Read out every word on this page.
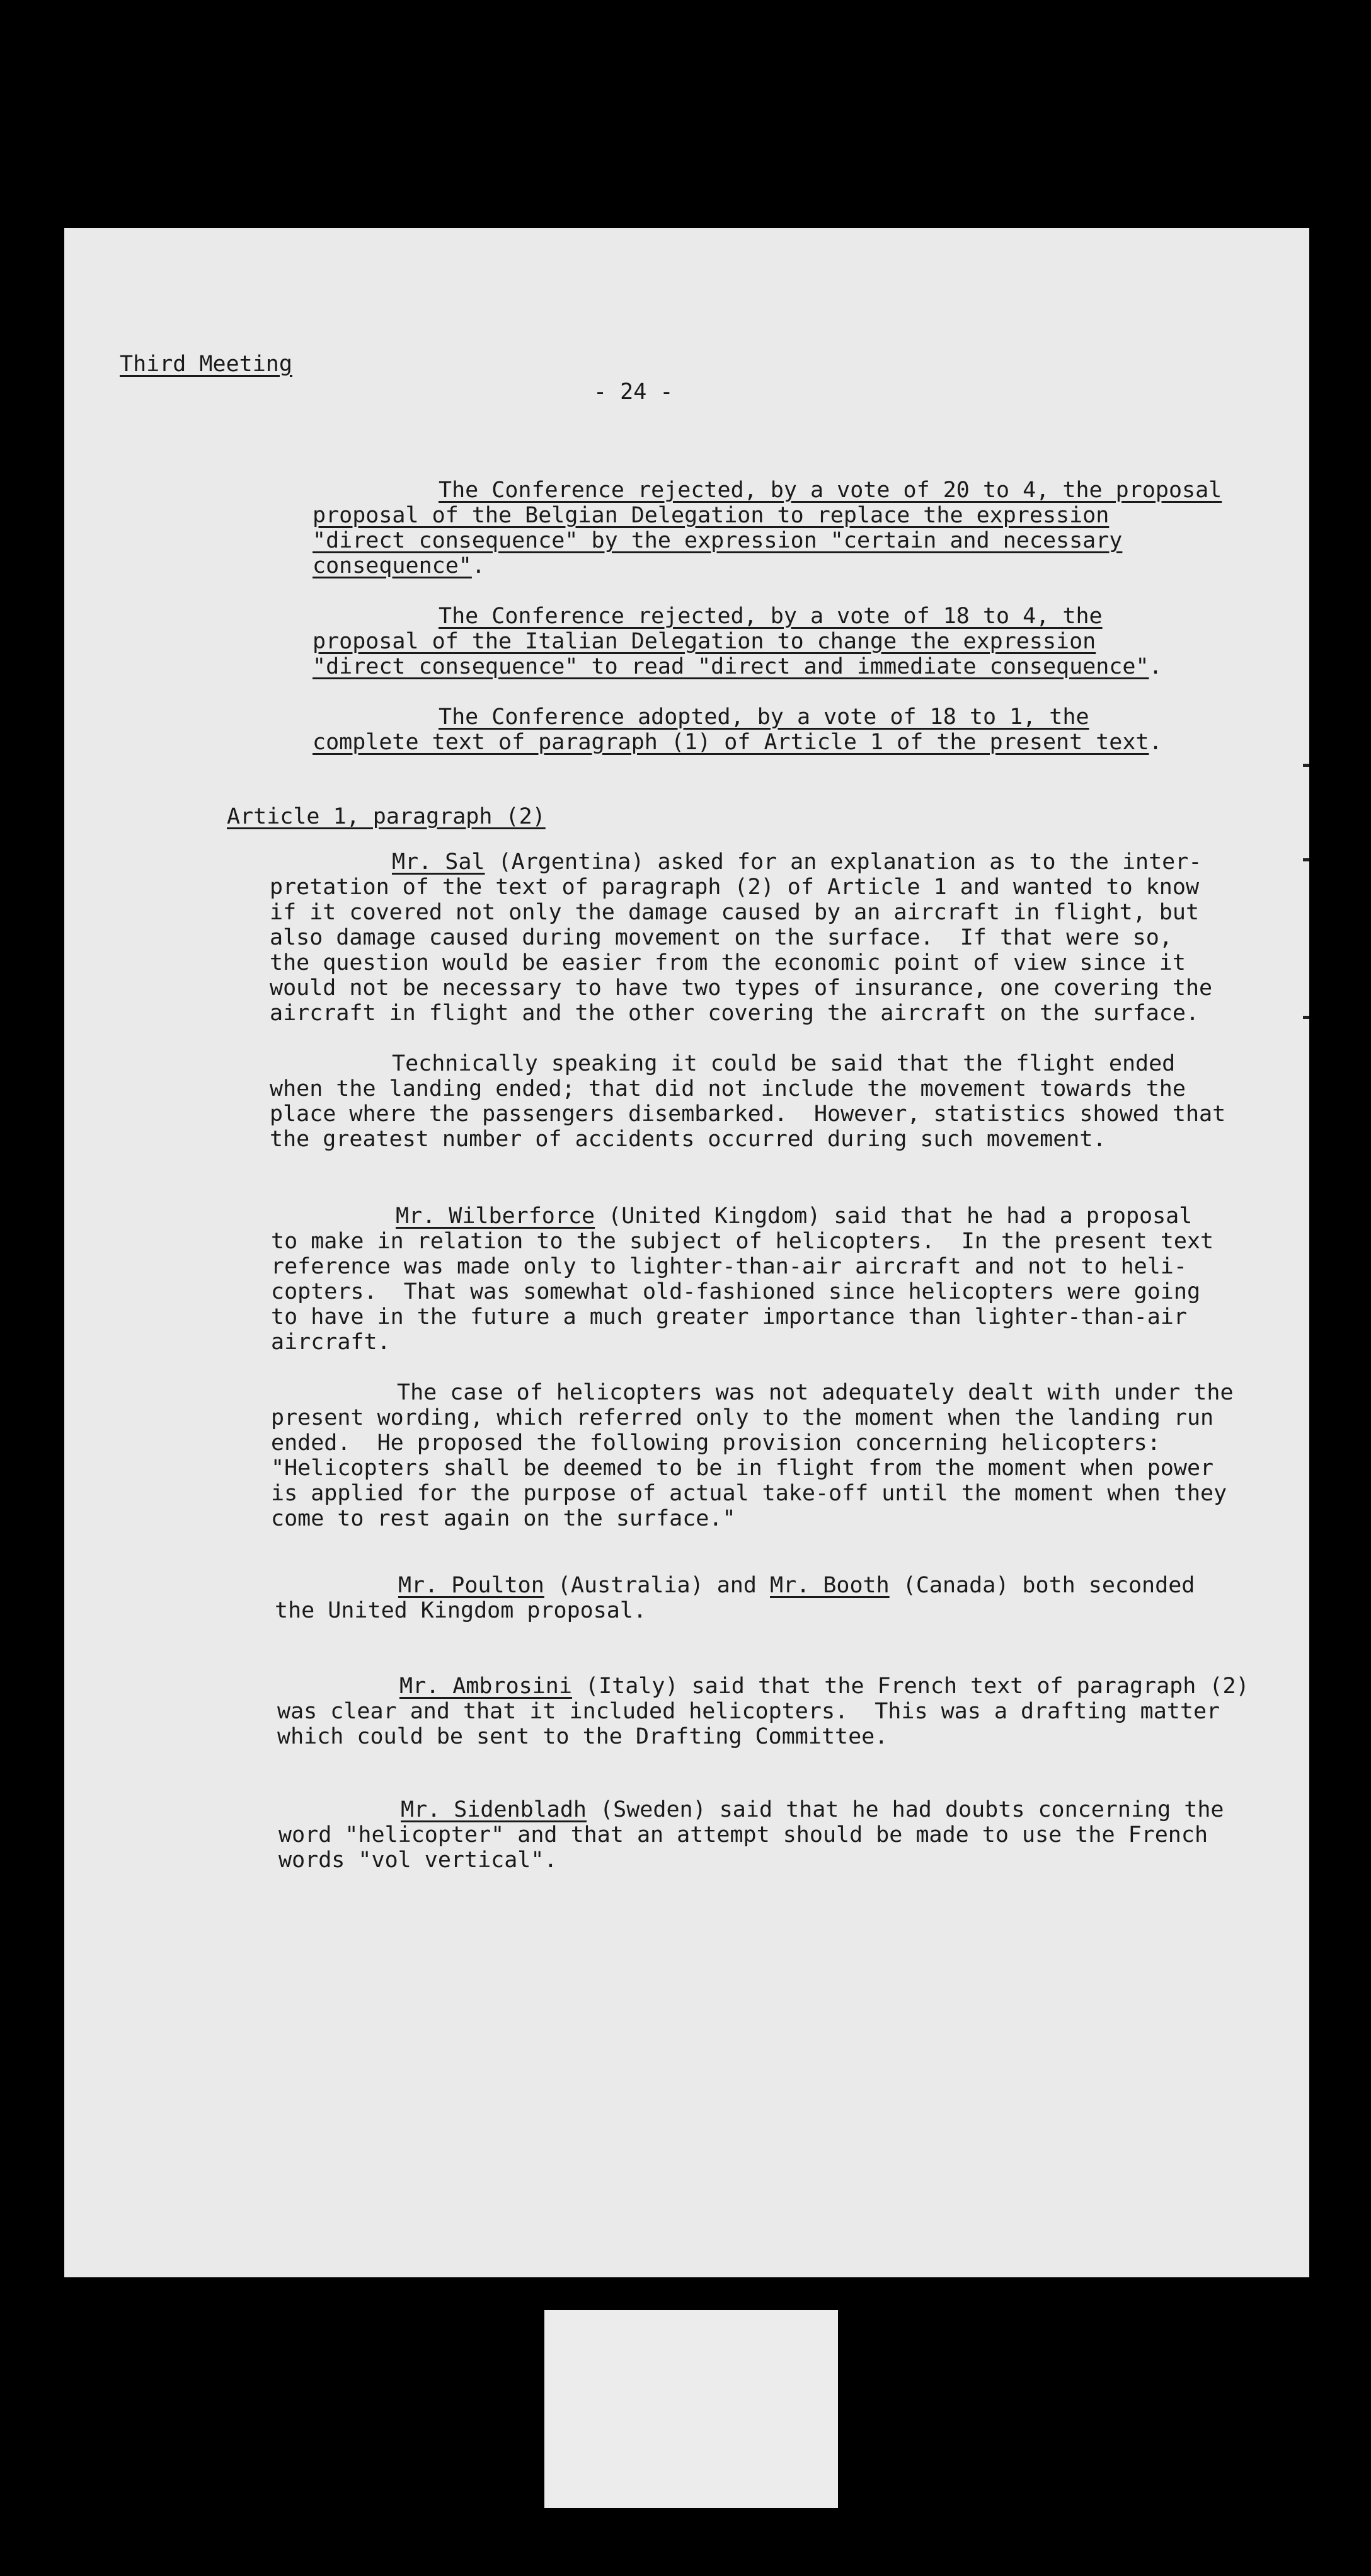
Third Meeting
- 24 -
The Conference rejected, by a vote of 20 to 4, the proposal
proposal of the Belgian Delegation to replace the expression
"direct consequence" by the expression "certain and necessary
consequence".
The Conference rejected, by a vote of 18 to 4, the
proposal of the Italian Delegation to change the expression
"direct consequence" to read "direct and immediate consequence".
The Conference adopted, by a vote of 18 to 1, the
complete text of paragraph (1) of Article 1 of the present text.
Article 1, paragraph (2)
Mr. Sal (Argentina) asked for an explanation as to the inter-
pretation of the text of paragraph (2) of Article 1 and wanted to know
if it covered not only the damage caused by an aircraft in flight, but
also damage caused during movement on the surface.  If that were so,
the question would be easier from the economic point of view since it
would not be necessary to have two types of insurance, one covering the
aircraft in flight and the other covering the aircraft on the surface.
Technically speaking it could be said that the flight ended
when the landing ended; that did not include the movement towards the
place where the passengers disembarked.  However, statistics showed that
the greatest number of accidents occurred during such movement.
Mr. Wilberforce (United Kingdom) said that he had a proposal
to make in relation to the subject of helicopters.  In the present text
reference was made only to lighter-than-air aircraft and not to heli-
copters.  That was somewhat old-fashioned since helicopters were going
to have in the future a much greater importance than lighter-than-air
aircraft.
The case of helicopters was not adequately dealt with under the
present wording, which referred only to the moment when the landing run
ended.  He proposed the following provision concerning helicopters:
"Helicopters shall be deemed to be in flight from the moment when power
is applied for the purpose of actual take-off until the moment when they
come to rest again on the surface."
Mr. Poulton (Australia) and Mr. Booth (Canada) both seconded
the United Kingdom proposal.
Mr. Ambrosini (Italy) said that the French text of paragraph (2)
was clear and that it included helicopters.  This was a drafting matter
which could be sent to the Drafting Committee.
Mr. Sidenbladh (Sweden) said that he had doubts concerning the
word "helicopter" and that an attempt should be made to use the French
words "vol vertical".
